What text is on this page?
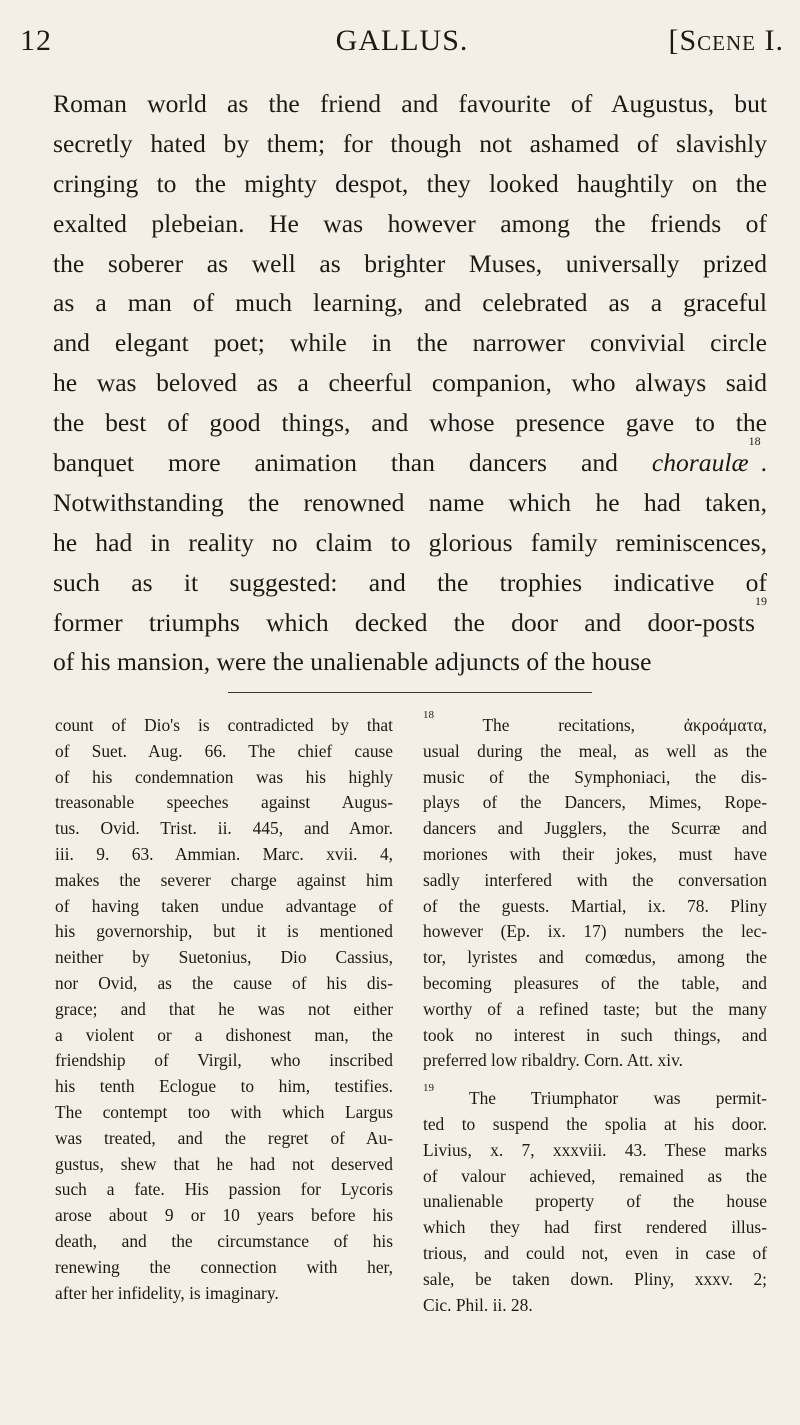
12	GALLUS.	[Scene I.
Roman world as the friend and favourite of Augustus, but
secretly hated by them; for though not ashamed of slavishly
cringing to the mighty despot, they looked haughtily on the
exalted plebeian. He was however among the friends of
the soberer as well as brighter Muses, universally prized
as a man of much learning, and celebrated as a graceful
and elegant poet; while in the narrower convivial circle
he was beloved as a cheerful companion, who always said
the best of good things, and whose presence gave to the
banquet more animation than dancers and choraulæ$^{18}$.
Notwithstanding the renowned name which he had taken,
he had in reality no claim to glorious family reminiscences,
such as it suggested: and the trophies indicative of
former triumphs which decked the door and door-posts$^{19}$
of his mansion, were the unalienable adjuncts of the house
count of Dio's is contradicted by that
of Suet. Aug. 66. The chief cause
of his condemnation was his highly
treasonable speeches against Augus-
tus. Ovid. Trist. ii. 445, and Amor.
iii. 9. 63. Ammian. Marc. xvii. 4,
makes the severer charge against him
of having taken undue advantage of
his governorship, but it is mentioned
neither by Suetonius, Dio Cassius,
nor Ovid, as the cause of his dis-
grace; and that he was not either
a violent or a dishonest man, the
friendship of Virgil, who inscribed
his tenth Eclogue to him, testifies.
The contempt too with which Largus
was treated, and the regret of Au-
gustus, shew that he had not deserved
such a fate. His passion for Lycoris
arose about 9 or 10 years before his
death, and the circumstance of his
renewing the connection with her,
after her infidelity, is imaginary.
$^{18}$	The recitations, ἀκροάματα,
usual during the meal, as well as the
music of the Symphoniaci, the dis-
plays of the Dancers, Mimes, Rope-
dancers and Jugglers, the Scurræ and
moriones with their jokes, must have
sadly interfered with the conversation
of the guests. Martial, ix. 78. Pliny
however (Ep. ix. 17) numbers the lec-
tor, lyristes and comœdus, among the
becoming pleasures of the table, and
worthy of a refined taste; but the many
took no interest in such things, and
preferred low ribaldry. Corn. Att. xiv.
$^{19}$ The Triumphator was permit-
ted to suspend the spolia at his door.
Livius, x. 7, xxxviii. 43. These marks
of valour achieved, remained as the
unalienable property of the house
which they had first rendered illus-
trious, and could not, even in case of
sale, be taken down. Pliny, xxxv. 2;
Cic. Phil. ii. 28.
